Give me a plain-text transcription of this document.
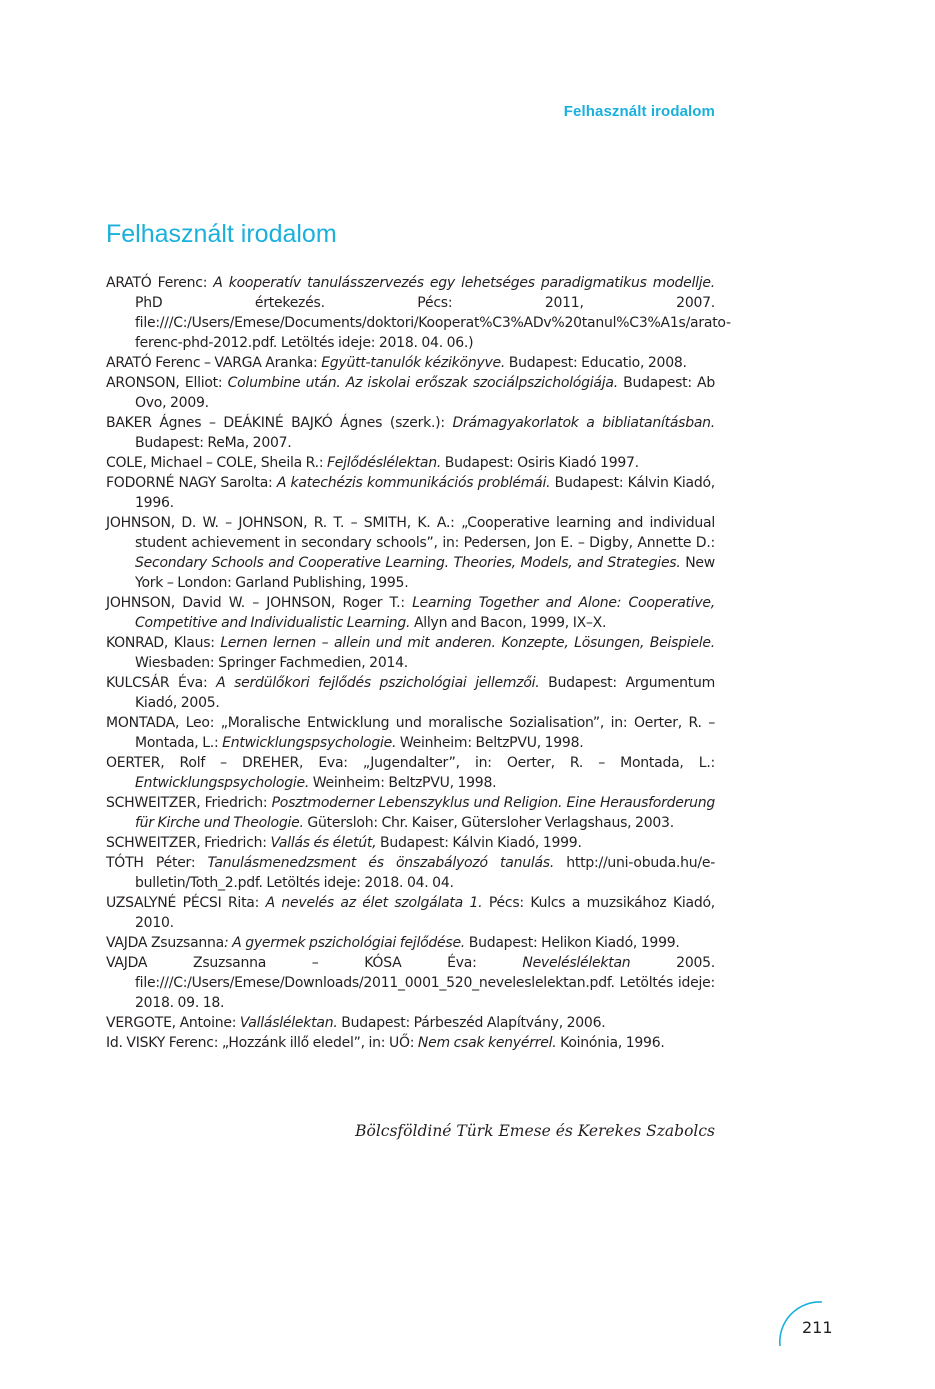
Felhasznált irodalom
Felhasznált irodalom
ARATÓ Ferenc: A kooperatív tanulásszervezés egy lehetséges paradigmatikus modellje. PhD értekezés. Pécs: 2011, 2007. file:///C:/Users/Emese/Documents/doktori/Kooperat%C3%ADv%20tanul%C3%A1s/arato-ferenc-phd-2012.pdf. Letöltés ideje: 2018. 04. 06.)
ARATÓ Ferenc – VARGA Aranka: Együtt-tanulók kézikönyve. Budapest: Educatio, 2008.
ARONSON, Elliot: Columbine után. Az iskolai erőszak szociálpszichológiája. Budapest: Ab Ovo, 2009.
BAKER Ágnes – DEÁKINÉ BAJKÓ Ágnes (szerk.): Drámagyakorlatok a bibliatanításban. Budapest: ReMa, 2007.
COLE, Michael – COLE, Sheila R.: Fejlődéslélektan. Budapest: Osiris Kiadó 1997.
FODORNÉ NAGY Sarolta: A katechézis kommunikációs problémái. Budapest: Kálvin Kiadó, 1996.
JOHNSON, D. W. – JOHNSON, R. T. – SMITH, K. A.: „Cooperative learning and individual student achievement in secondary schools”, in: Pedersen, Jon E. – Digby, Annette D.: Secondary Schools and Cooperative Learning. Theories, Models, and Strategies. New York – London: Garland Publishing, 1995.
JOHNSON, David W. – JOHNSON, Roger T.: Learning Together and Alone: Cooperative, Competitive and Individualistic Learning. Allyn and Bacon, 1999, IX–X.
KONRAD, Klaus: Lernen lernen – allein und mit anderen. Konzepte, Lösungen, Beispiele. Wiesbaden: Springer Fachmedien, 2014.
KULCSÁR Éva: A serdülőkori fejlődés pszichológiai jellemzői. Budapest: Argumentum Kiadó, 2005.
MONTADA, Leo: „Moralische Entwicklung und moralische Sozialisation”, in: Oerter, R. – Montada, L.: Entwicklungspsychologie. Weinheim: BeltzPVU, 1998.
OERTER, Rolf – DREHER, Eva: „Jugendalter”, in: Oerter, R. – Montada, L.: Entwicklungspsychologie. Weinheim: BeltzPVU, 1998.
SCHWEITZER, Friedrich: Posztmoderner Lebenszyklus und Religion. Eine Herausforderung für Kirche und Theologie. Gütersloh: Chr. Kaiser, Gütersloher Verlagshaus, 2003.
SCHWEITZER, Friedrich: Vallás és életút, Budapest: Kálvin Kiadó, 1999.
TÓTH Péter: Tanulásmenedzsment és önszabályozó tanulás. http://uni-obuda.hu/e-bulletin/Toth_2.pdf. Letöltés ideje: 2018. 04. 04.
UZSALYNÉ PÉCSI Rita: A nevelés az élet szolgálata 1. Pécs: Kulcs a muzsikához Kiadó, 2010.
VAJDA Zsuzsanna: A gyermek pszichológiai fejlődése. Budapest: Helikon Kiadó, 1999.
VAJDA Zsuzsanna – KÓSA Éva: Neveléslélektan 2005. file:///C:/Users/Emese/Downloads/2011_0001_520_neveleslelektan.pdf. Letöltés ideje: 2018. 09. 18.
VERGOTE, Antoine: Valláslélektan. Budapest: Párbeszéd Alapítvány, 2006.
Id. VISKY Ferenc: „Hozzánk illő eledel”, in: UŐ: Nem csak kenyérrel. Koinónia, 1996.
Bölcsföldiné Türk Emese és Kerekes Szabolcs
211
